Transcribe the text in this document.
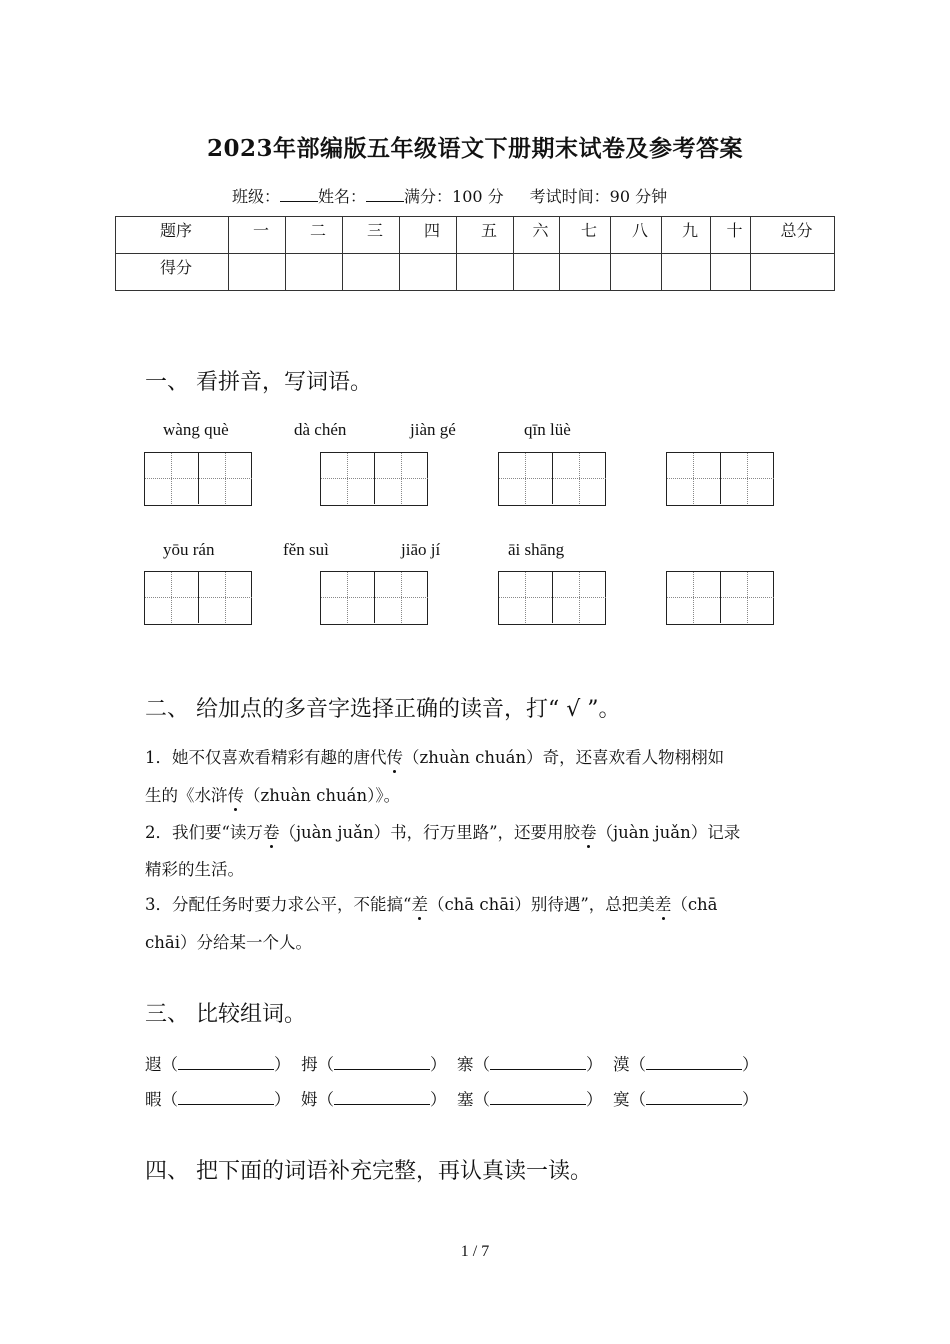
2023年部编版五年级语文下册期末试卷及参考答案
班级： 姓名： 满分：100 分 考试时间：90 分钟
题序	一	二	三	四	五	六	七	八	九	十	总分
得分											
一、 看拼音，写词语。
wàng què	dà chén	jiàn gé	qīn lüè
yōu rán	fěn suì	jiāo jí	āi shāng
二、 给加点的多音字选择正确的读音，打“ √ ”。
1．她不仅喜欢看精彩有趣的唐代传（zhuàn chuán）奇，还喜欢看人物栩栩如
生的《水浒传（zhuàn chuán）》。
2．我们要“读万卷（juàn juǎn）书，行万里路”，还要用胶卷（juàn juǎn）记录
精彩的生活。
3．分配任务时要力求公平，不能搞“差（chā chāi）别待遇”，总把美差（chā
chāi）分给某一个人。
三、 比较组词。
遐（	） 拇（	） 寨（	） 漠（	）
暇（	） 姆（	） 塞（	） 寞（	）
四、 把下面的词语补充完整，再认真读一读。
1 / 7
